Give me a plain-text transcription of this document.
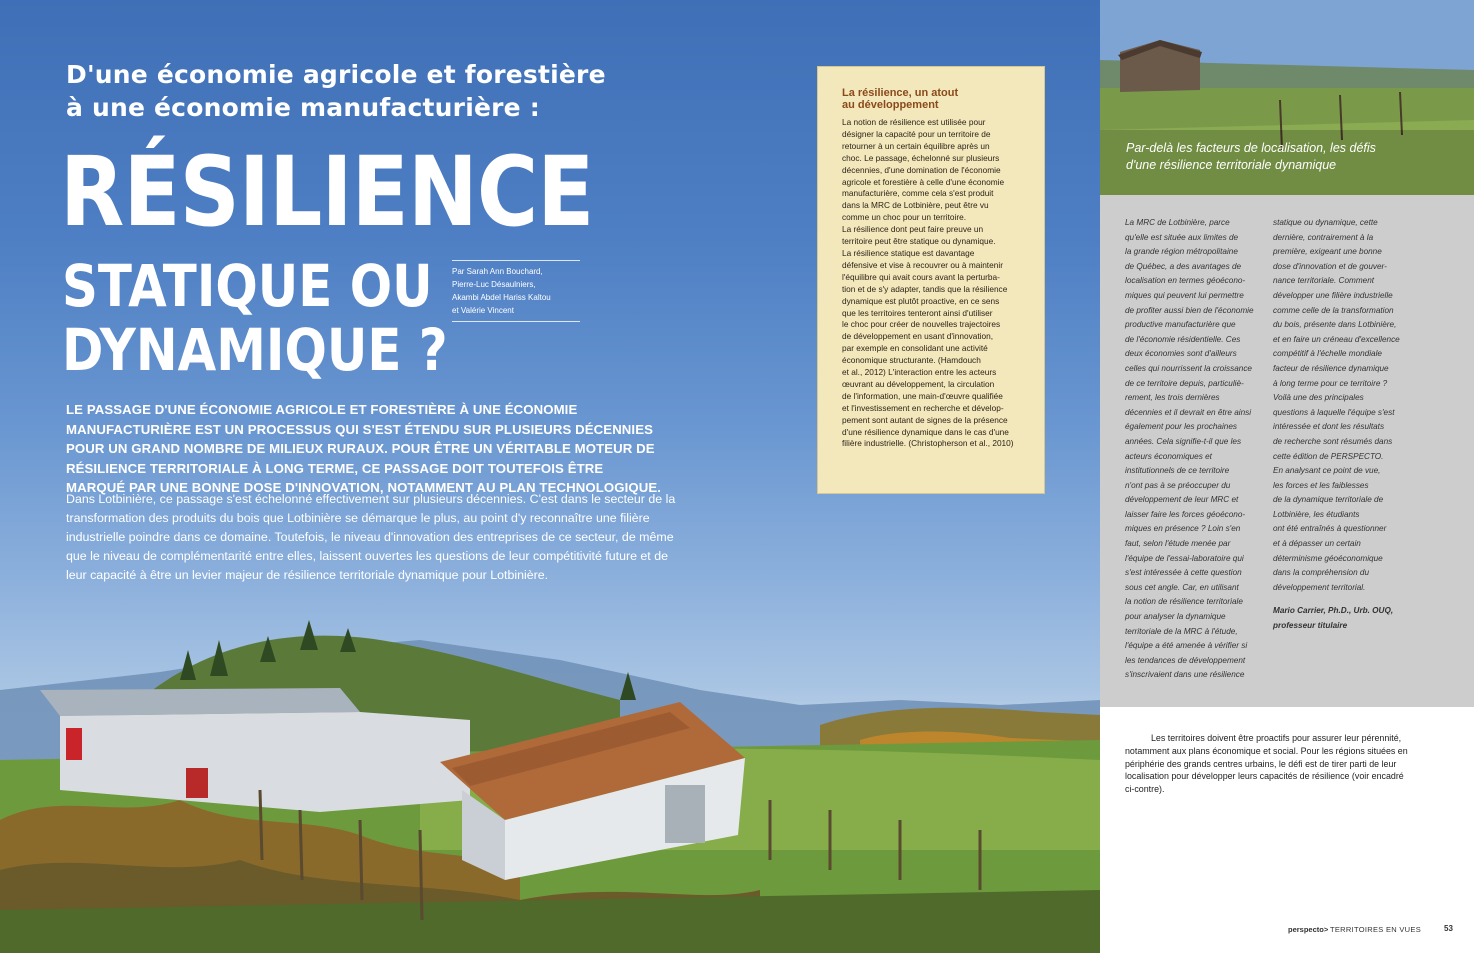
D'une économie agricole et forestière
à une économie manufacturière :
RÉSILIENCE
STATIQUE OU
DYNAMIQUE ?
Par Sarah Ann Bouchard,
Pierre-Luc Désaulniers,
Akambi Abdel Hariss Kaltou
et Valérie Vincent
LE PASSAGE D'UNE ÉCONOMIE AGRICOLE ET FORESTIÈRE À UNE ÉCONOMIE MANUFACTURIÈRE EST UN PROCESSUS QUI S'EST ÉTENDU SUR PLUSIEURS DÉCENNIES POUR UN GRAND NOMBRE DE MILIEUX RURAUX. POUR ÊTRE UN VÉRITABLE MOTEUR DE RÉSILIENCE TERRITORIALE À LONG TERME, CE PASSAGE DOIT TOUTEFOIS ÊTRE MARQUÉ PAR UNE BONNE DOSE D'INNOVATION, NOTAMMENT AU PLAN TECHNOLOGIQUE.
Dans Lotbinière, ce passage s'est échelonné effectivement sur plusieurs décennies. C'est dans le secteur de la transformation des produits du bois que Lotbinière se démarque le plus, au point d'y reconnaître une filière industrielle poindre dans ce domaine. Toutefois, le niveau d'innovation des entreprises de ce secteur, de même que le niveau de complémentarité entre elles, laissent ouvertes les questions de leur compétitivité future et de leur capacité à être un levier majeur de résilience territoriale dynamique pour Lotbinière.
La résilience, un atout
au développement
La notion de résilience est utilisée pour
désigner la capacité pour un territoire de
retourner à un certain équilibre après un
choc. Le passage, échelonné sur plusieurs
décennies, d'une domination de l'économie
agricole et forestière à celle d'une économie
manufacturière, comme cela s'est produit
dans la MRC de Lotbinière, peut être vu
comme un choc pour un territoire.
La résilience dont peut faire preuve un
territoire peut être statique ou dynamique.
La résilience statique est davantage
défensive et vise à recouvrer ou à maintenir
l'équilibre qui avait cours avant la perturba-
tion et de s'y adapter, tandis que la résilience
dynamique est plutôt proactive, en ce sens
que les territoires tenteront ainsi d'utiliser
le choc pour créer de nouvelles trajectoires
de développement en usant d'innovation,
par exemple en consolidant une activité
économique structurante. (Hamdouch
et al., 2012) L'interaction entre les acteurs
œuvrant au développement, la circulation
de l'information, une main-d'œuvre qualifiée
et l'investissement en recherche et dévelop-
pement sont autant de signes de la présence
d'une résilience dynamique dans le cas d'une
filière industrielle. (Christopherson et al., 2010)
Par-delà les facteurs de localisation, les défis
d'une résilience territoriale dynamique
La MRC de Lotbinière, parce
qu'elle est située aux limites de
la grande région métropolitaine
de Québec, a des avantages de
localisation en termes géoécono-
miques qui peuvent lui permettre
de profiter aussi bien de l'économie
productive manufacturière que
de l'économie résidentielle. Ces
deux économies sont d'ailleurs
celles qui nourrissent la croissance
de ce territoire depuis, particuliè-
rement, les trois dernières
décennies et il devrait en être ainsi
également pour les prochaines
années. Cela signifie-t-il que les
acteurs économiques et
institutionnels de ce territoire
n'ont pas à se préoccuper du
développement de leur MRC et
laisser faire les forces géoécono-
miques en présence ? Loin s'en
faut, selon l'étude menée par
l'équipe de l'essai-laboratoire qui
s'est intéressée à cette question
sous cet angle. Car, en utilisant
la notion de résilience territoriale
pour analyser la dynamique
territoriale de la MRC à l'étude,
l'équipe a été amenée à vérifier si
les tendances de développement
s'inscrivaient dans une résilience
statique ou dynamique, cette
dernière, contrairement à la
première, exigeant une bonne
dose d'innovation et de gouver-
nance territoriale. Comment
développer une filière industrielle
comme celle de la transformation
du bois, présente dans Lotbinière,
et en faire un créneau d'excellence
compétitif à l'échelle mondiale
facteur de résilience dynamique
à long terme pour ce territoire ?
Voilà une des principales
questions à laquelle l'équipe s'est
intéressée et dont les résultats
de recherche sont résumés dans
cette édition de PERSPECTO.
En analysant ce point de vue,
les forces et les faiblesses
de la dynamique territoriale de
Lotbinière, les étudiants
ont été entraînés à questionner
et à dépasser un certain
déterminisme géoéconomique
dans la compréhension du
développement territorial.
Mario Carrier, Ph.D., Urb. OUQ,
professeur titulaire
Les territoires doivent être proactifs pour assurer leur pérennité, notamment aux plans économique et social. Pour les régions situées en périphérie des grands centres urbains, le défi est de tirer parti de leur localisation pour développer leurs capacités de résilience (voir encadré ci-contre).
perspecto> TERRITOIRES EN VUES	53
